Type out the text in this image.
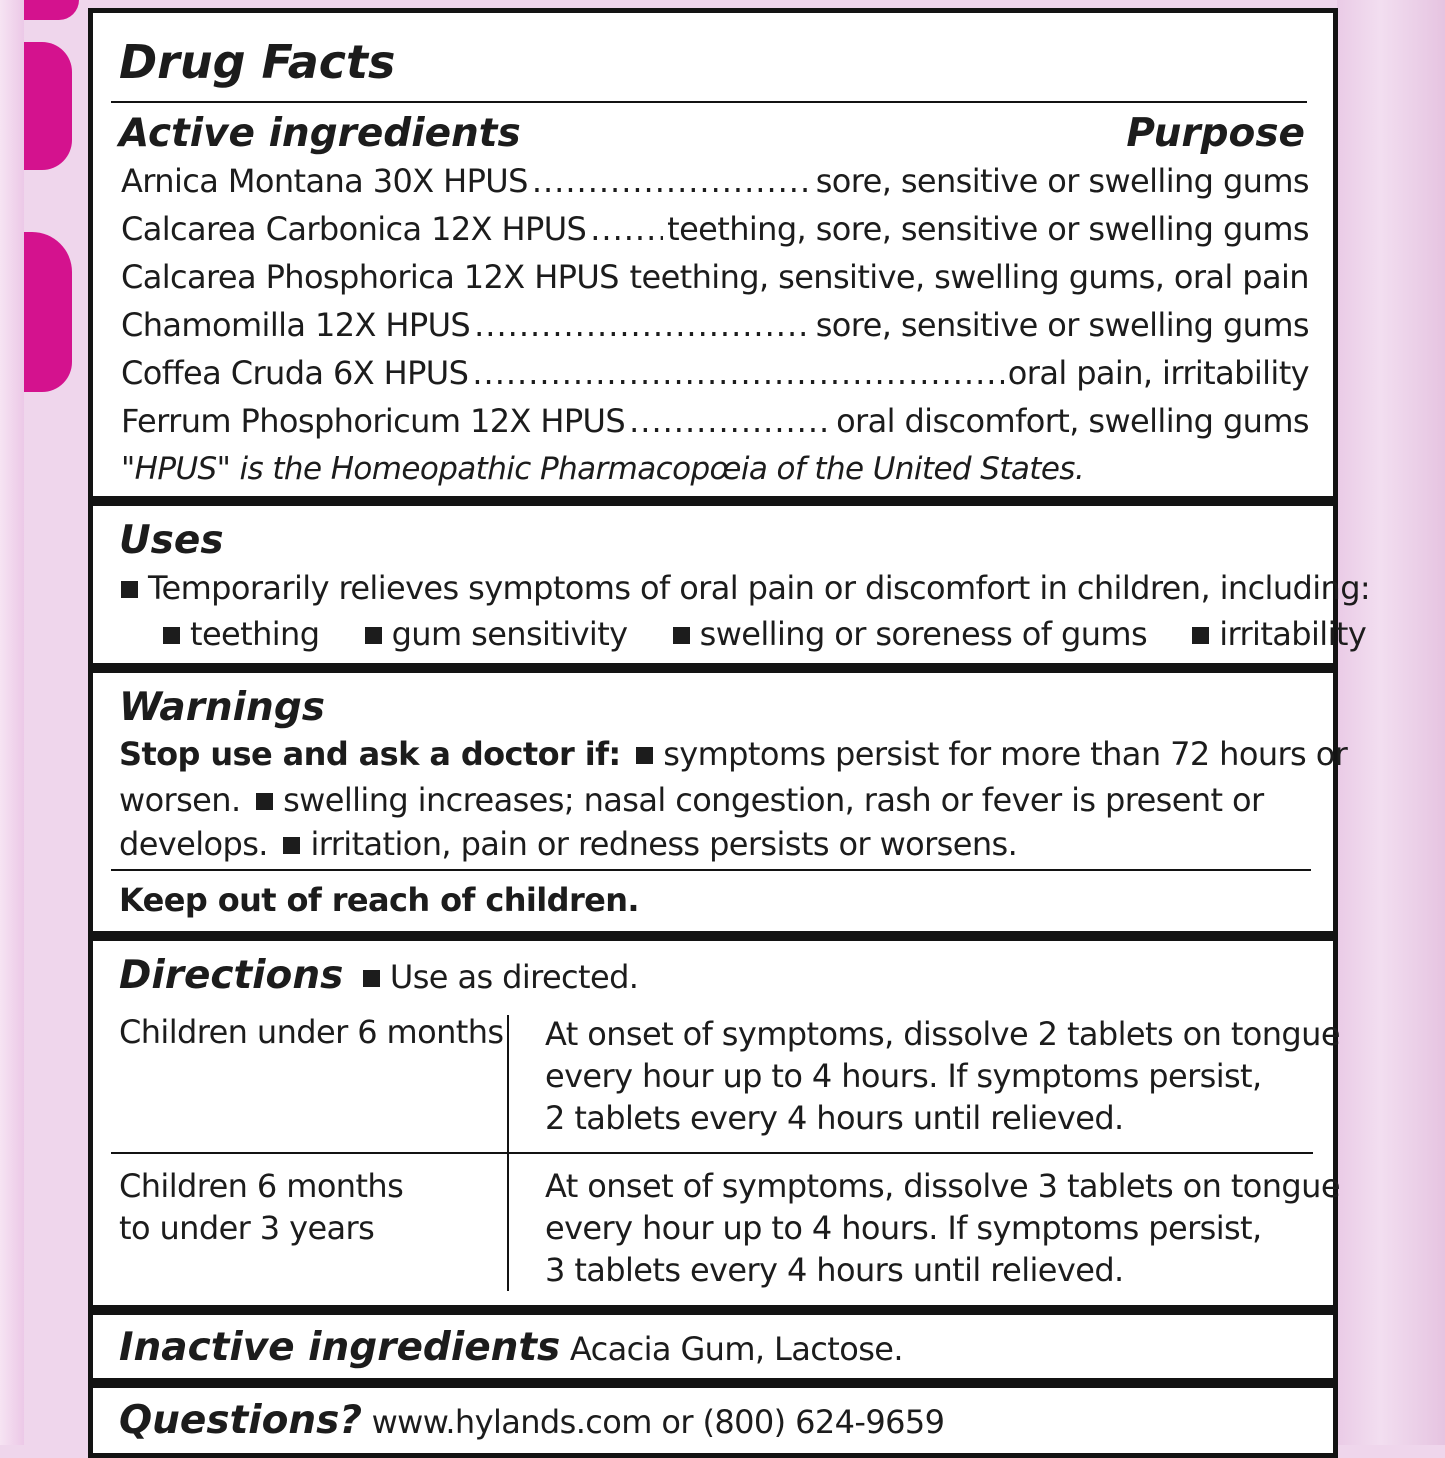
Drug Facts
Active ingredients	Purpose
Arnica Montana 30X HPUS .....	sore, sensitive or swelling gums
Calcarea Carbonica 12X HPUS .....	teething, sore, sensitive or swelling gums
Calcarea Phosphorica 12X HPUS ..... teething, sensitive, swelling gums, oral pain
Chamomilla 12X HPUS .....	sore, sensitive or swelling gums
Coffea Cruda 6X HPUS .....	oral pain, irritability
Ferrum Phosphoricum 12X HPUS .....	oral discomfort, swelling gums
"HPUS" is the Homeopathic Pharmacopœia of the United States.
Uses
Temporarily relieves symptoms of oral pain or discomfort in children, including:
teething gum sensitivity swelling or soreness of gums irritability
Warnings
Stop use and ask a doctor if: symptoms persist for more than 72 hours or
worsen. swelling increases; nasal congestion, rash or fever is present or
develops. irritation, pain or redness persists or worsens.
Keep out of reach of children.
Directions Use as directed.
Children under 6 months At onset of symptoms, dissolve 2 tablets on tongue
every hour up to 4 hours. If symptoms persist,
2 tablets every 4 hours until relieved.
Children 6 months
to under 3 years
At onset of symptoms, dissolve 3 tablets on tongue
every hour up to 4 hours. If symptoms persist,
3 tablets every 4 hours until relieved.
Inactive ingredients Acacia Gum, Lactose.
Questions? www.hylands.com or (800) 624-9659
